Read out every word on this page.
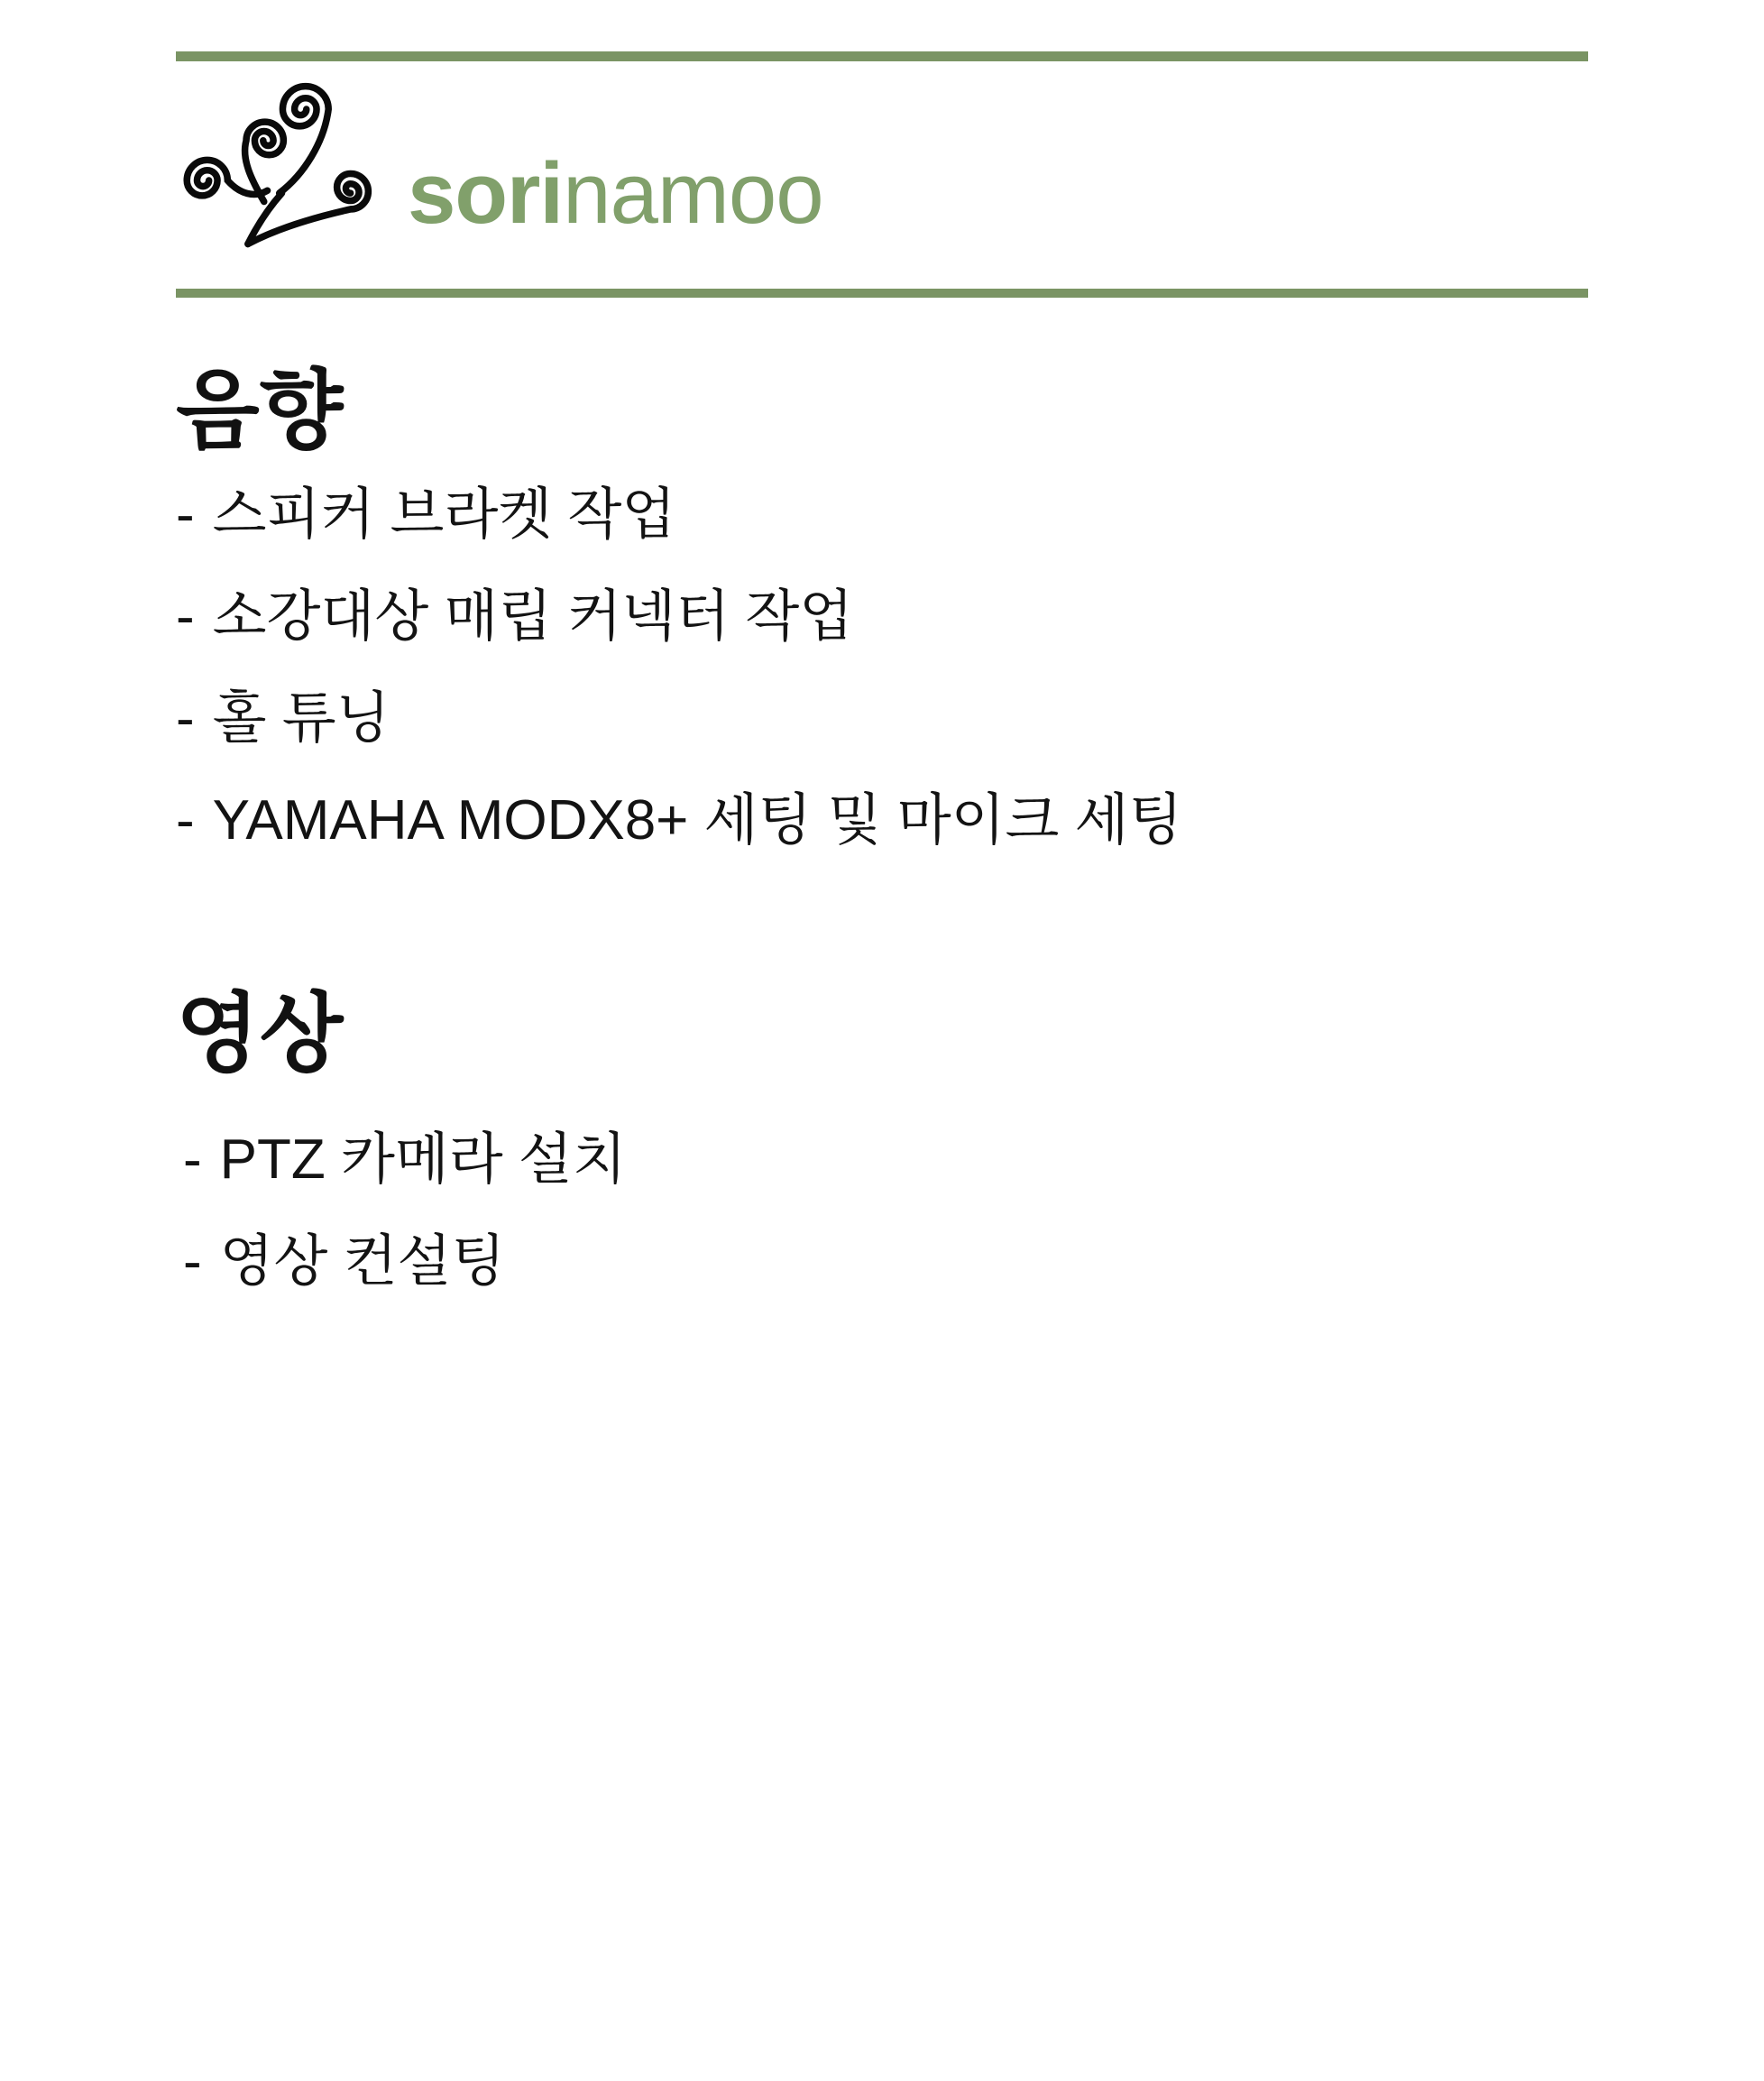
sorinamoo
음향
- 스피커 브라켓 작업
- 소강대상 매립 커넥터 작업
- 홀 튜닝
- YAMAHA MODX8+ 세팅 및 마이크 세팅
영상
- PTZ 카메라 설치
- 영상 컨설팅
